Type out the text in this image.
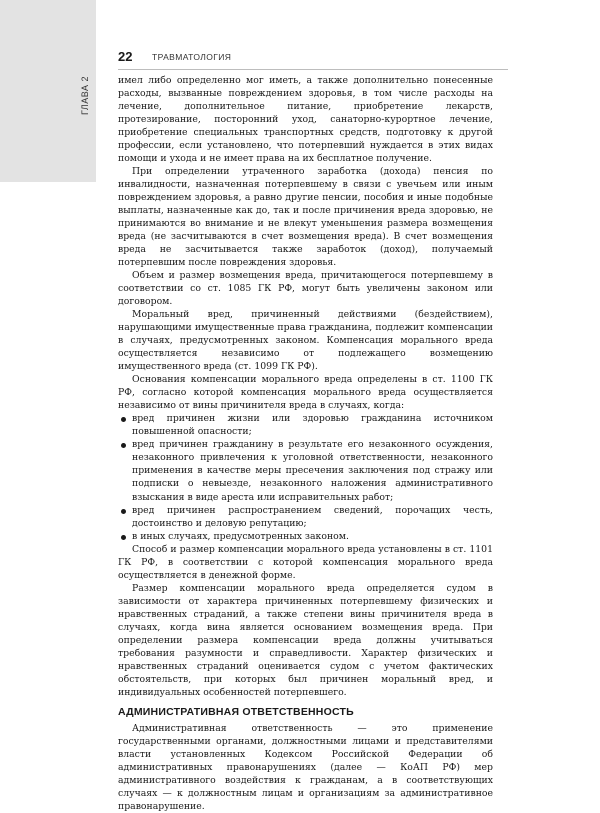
ГЛАВА 2
22 ТРАВМАТОЛОГИЯ

имел либо определенно мог иметь, а также дополнительно понесенные расходы, вызванные повреждением здоровья, в том числе расходы на лечение, дополнительное питание, приобретение лекарств, протезирование, посторонний уход, санаторно-курортное лечение, приобретение специальных транспортных средств, подготовку к другой профессии, если установлено, что потерпевший нуждается в этих видах помощи и ухода и не имеет права на их бесплатное получение.

При определении утраченного заработка (дохода) пенсия по инвалидности, назначенная потерпевшему в связи с увечьем или иным повреждением здоровья, а равно другие пенсии, пособия и иные подобные выплаты, назначенные как до, так и после причинения вреда здоровью, не принимаются во внимание и не влекут уменьшения размера возмещения вреда (не засчитываются в счет возмещения вреда). В счет возмещения вреда не засчитывается также заработок (доход), получаемый потерпевшим после повреждения здоровья.

Объем и размер возмещения вреда, причитающегося потерпевшему в соответствии со ст. 1085 ГК РФ, могут быть увеличены законом или договором.

Моральный вред, причиненный действиями (бездействием), нарушающими имущественные права гражданина, подлежит компенсации в случаях, предусмотренных законом. Компенсация морального вреда осуществляется независимо от подлежащего возмещению имущественного вреда (ст. 1099 ГК РФ).

Основания компенсации морального вреда определены в ст. 1100 ГК РФ, согласно которой компенсация морального вреда осуществляется независимо от вины причинителя вреда в случаях, когда:

вред причинен жизни или здоровью гражданина источником повышенной опасности;
вред причинен гражданину в результате его незаконного осуждения, незаконного привлечения к уголовной ответственности, незаконного применения в качестве меры пресечения заключения под стражу или подписки о невыезде, незаконного наложения административного взыскания в виде ареста или исправительных работ;
вред причинен распространением сведений, порочащих честь, достоинство и деловую репутацию;
в иных случаях, предусмотренных законом.

Способ и размер компенсации морального вреда установлены в ст. 1101 ГК РФ, в соответствии с которой компенсация морального вреда осуществляется в денежной форме.

Размер компенсации морального вреда определяется судом в зависимости от характера причиненных потерпевшему физических и нравственных страданий, а также степени вины причинителя вреда в случаях, когда вина является основанием возмещения вреда. При определении размера компенсации вреда должны учитываться требования разумности и справедливости. Характер физических и нравственных страданий оценивается судом с учетом фактических обстоятельств, при которых был причинен моральный вред, и индивидуальных особенностей потерпевшего.

АДМИНИСТРАТИВНАЯ ОТВЕТСТВЕННОСТЬ

Административная ответственность — это применение государственными органами, должностными лицами и представителями власти установленных Кодексом Российской Федерации об административных правонарушениях (далее — КоАП РФ) мер административного воздействия к гражданам, а в соответствующих случаях — к должностным лицам и организациям за административное правонарушение.
